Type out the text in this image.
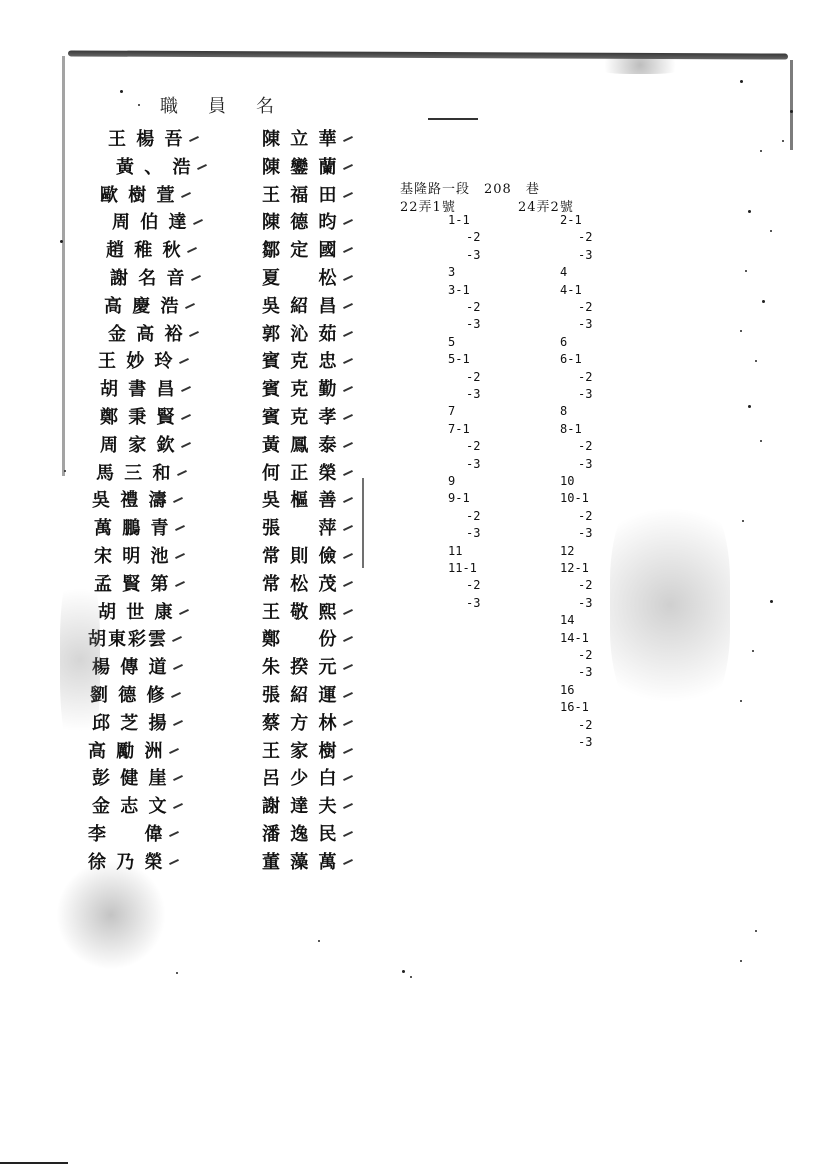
職　員　名
王 楊 吾
黃 、 浩
歐 樹 萱
周 伯 達
趙 稚 秋
謝 名 音
高 慶 浩
金 高 裕
王 妙 玲
胡 書 昌
鄭 秉 賢
周 家 欽
馬 三 和
吳 禮 濤
萬 鵬 青
宋 明 池
孟 賢 第
胡 世 康
胡東彩雲
楊 傳 道
劉 德 修
邱 芝 揚
高 勵 洲
彭 健 崖
金 志 文
李 　 偉
徐 乃 榮
陳 立 華
陳 鑾 蘭
王 福 田
陳 德 昀
鄒 定 國
夏 　 松
吳 紹 昌
郭 沁 茹
賓 克 忠
賓 克 勤
賓 克 孝
黃 鳳 泰
何 正 榮
吳 樞 善
張 　 萍
常 則 儉
常 松 茂
王 敬 熙
鄭 　 份
朱 揆 元
張 紹 運
蔡 方 林
王 家 樹
呂 少 白
謝 達 夫
潘 逸 民
董 藻 萬
基隆路一段　208　巷
22弄1號	24弄2號
1-1
-2
-3
3
3-1
-2
-3
5
5-1
-2
-3
7
7-1
-2
-3
9
9-1
-2
-3
11
11-1
-2
-3
2-1
-2
-3
4
4-1
-2
-3
6
6-1
-2
-3
8
8-1
-2
-3
10
10-1
-2
-3
12
12-1
-2
-3
14
14-1
-2
-3
16
16-1
-2
-3
